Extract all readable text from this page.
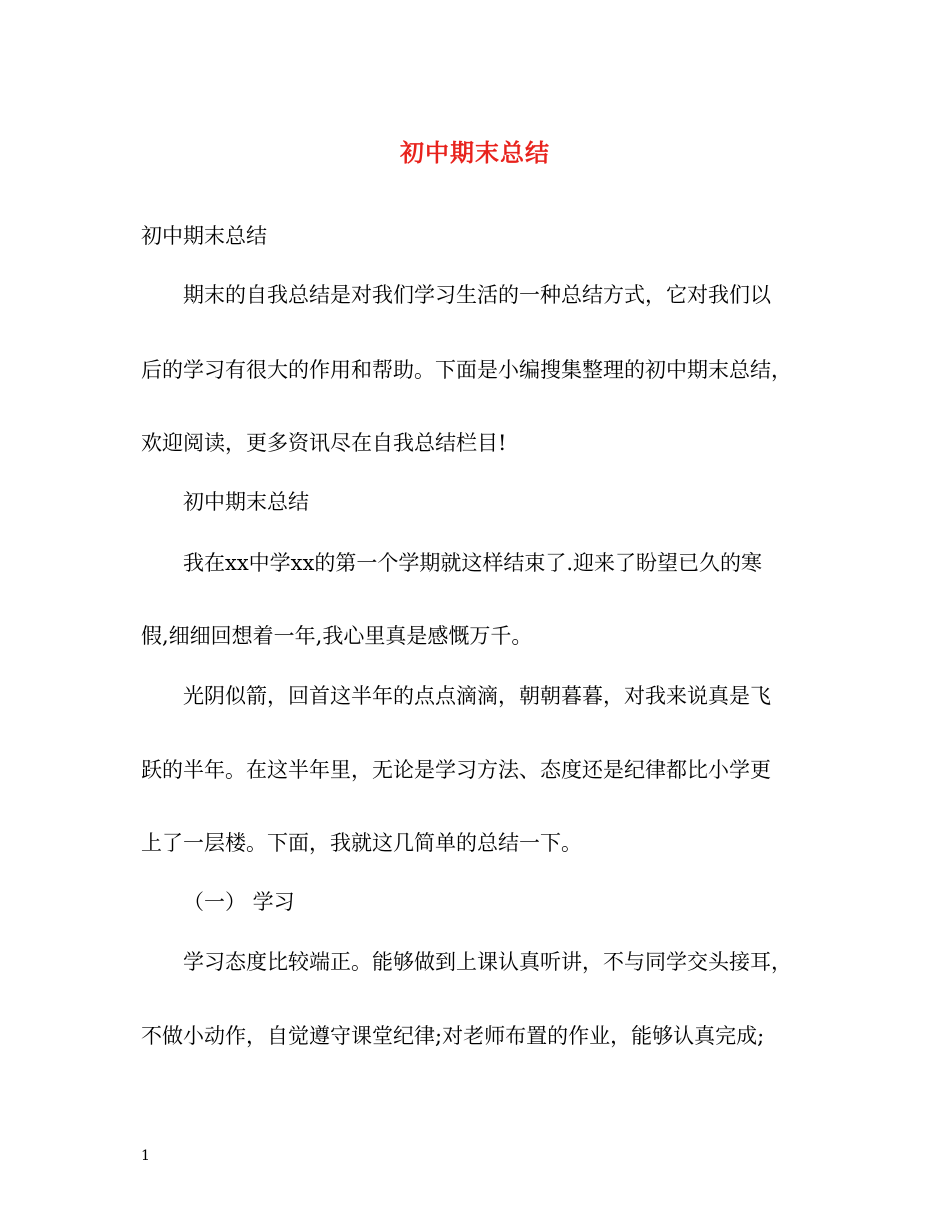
初中期末总结
初中期末总结
期末的自我总结是对我们学习生活的一种总结方式，它对我们以
后的学习有很大的作用和帮助。下面是小编搜集整理的初中期末总结，
欢迎阅读，更多资讯尽在自我总结栏目!
初中期末总结
我在xx中学xx的第一个学期就这样结束了.迎来了盼望已久的寒
假,细细回想着一年,我心里真是感慨万千。
光阴似箭，回首这半年的点点滴滴，朝朝暮暮，对我来说真是飞
跃的半年。在这半年里，无论是学习方法、态度还是纪律都比小学更
上了一层楼。下面，我就这几简单的总结一下。
（一） 学习
学习态度比较端正。能够做到上课认真听讲，不与同学交头接耳，
不做小动作，自觉遵守课堂纪律;对老师布置的作业，能够认真完成;
1
